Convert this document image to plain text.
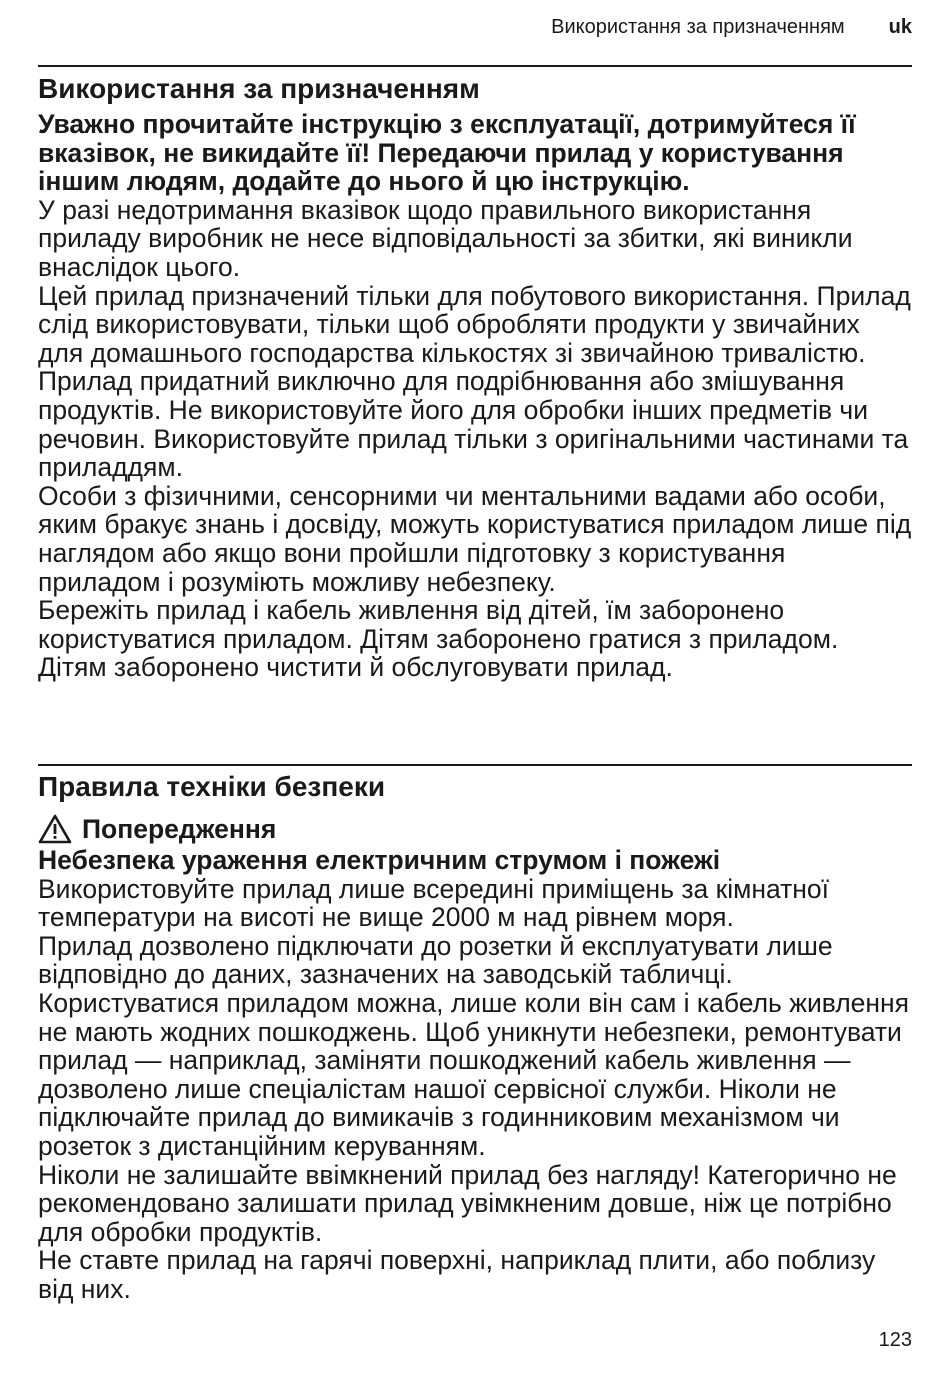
Використання за призначенням uk
Використання за призначенням

Уважно прочитайте інструкцію з експлуатації, дотримуйтеся її вказівок, не викидайте її! Передаючи прилад у користування іншим людям, додайте до нього й цю інструкцію.

У разі недотримання вказівок щодо правильного використання приладу виробник не несе відповідальності за збитки, які виникли внаслідок цього.

Цей прилад призначений тільки для побутового використання. Прилад слід використовувати, тільки щоб обробляти продукти у звичайних для домашнього господарства кількостях зі звичайною тривалістю.

Прилад придатний виключно для подрібнювання або змішування продуктів. Не використовуйте його для обробки інших предметів чи речовин. Використовуйте прилад тільки з оригінальними частинами та приладдям.

Особи з фізичними, сенсорними чи ментальними вадами або особи, яким бракує знань і досвіду, можуть користуватися приладом лише під наглядом або якщо вони пройшли підготовку з користування приладом і розуміють можливу небезпеку.

Бережіть прилад і кабель живлення від дітей, їм заборонено користуватися приладом. Дітям заборонено гратися з приладом. Дітям заборонено чистити й обслуговувати прилад.

Правила техніки безпеки
Попередження

Небезпека ураження електричним струмом і пожежі

Використовуйте прилад лише всередині приміщень за кімнатної температури на висоті не вище 2000 м над рівнем моря.

Прилад дозволено підключати до розетки й експлуатувати лише відповідно до даних, зазначених на заводській табличці. Користуватися приладом можна, лише коли він сам і кабель живлення не мають жодних пошкоджень. Щоб уникнути небезпеки, ремонтувати прилад — наприклад, заміняти пошкоджений кабель живлення — дозволено лише спеціалістам нашої сервісної служби. Ніколи не підключайте прилад до вимикачів з годинниковим механізмом чи розеток з дистанційним керуванням.

Ніколи не залишайте ввімкнений прилад без нагляду! Категорично не рекомендовано залишати прилад увімкненим довше, ніж це потрібно для обробки продуктів.

Не ставте прилад на гарячі поверхні, наприклад плити, або поблизу від них.

123
